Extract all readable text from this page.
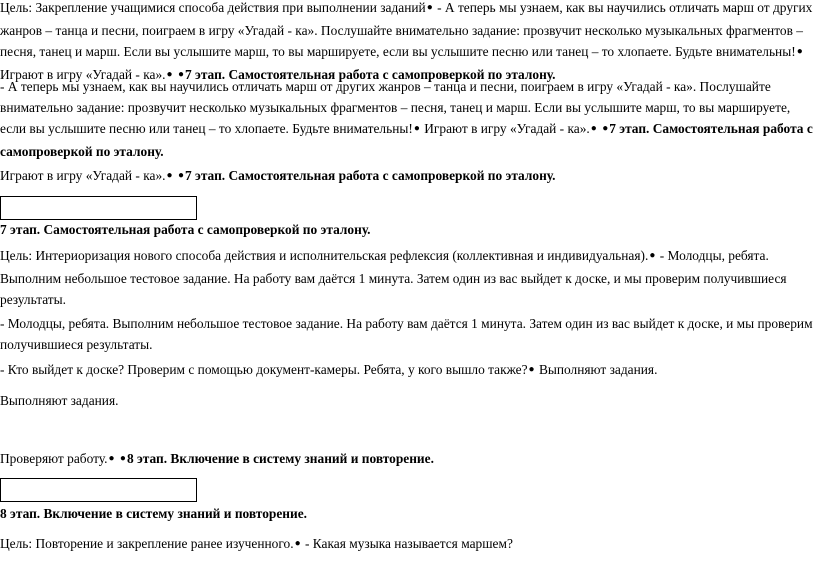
Цель: Закрепление учащимися способа действия при выполнении заданий● - А теперь мы узнаем, как вы научились отличать марш от других жанров – танца и песни, поиграем в игру «Угадай - ка». Послушайте внимательно задание: прозвучит несколько музыкальных фрагментов – песня, танец и марш. Если вы услышите марш, то вы маршируете, если вы услышите песню или танец – то хлопаете. Будьте внимательны!● Играют в игру «Угадай - ка».● ●7 этап. Самостоятельная работа с самопроверкой по эталону.

- А теперь мы узнаем, как вы научились отличать марш от других жанров – танца и песни, поиграем в игру «Угадай - ка». Послушайте внимательно задание: прозвучит несколько музыкальных фрагментов – песня, танец и марш. Если вы услышите марш, то вы маршируете, если вы услышите песню или танец – то хлопаете. Будьте внимательны!● Играют в игру «Угадай - ка».● ●7 этап. Самостоятельная работа с самопроверкой по эталону.

Играют в игру «Угадай - ка».● ●7 этап. Самостоятельная работа с самопроверкой по эталону.

7 этап. Самостоятельная работа с самопроверкой по эталону.

Цель: Интериоризация нового способа действия и исполнительская рефлексия (коллективная и индивидуальная).● - Молодцы, ребята. Выполним небольшое тестовое задание. На работу вам даётся 1 минута. Затем один из вас выйдет к доске, и мы проверим получившиеся результаты.

- Молодцы, ребята. Выполним небольшое тестовое задание. На работу вам даётся 1 минута. Затем один из вас выйдет к доске, и мы проверим получившиеся результаты.

- Кто выйдет к доске? Проверим с помощью документ-камеры. Ребята, у кого вышло также?● Выполняют задания.

Выполняют задания.

Проверяют работу.● ●8 этап. Включение в систему знаний и повторение.

8 этап. Включение в систему знаний и повторение.

Цель: Повторение и закрепление ранее изученного.● - Какая музыка называется маршем?
